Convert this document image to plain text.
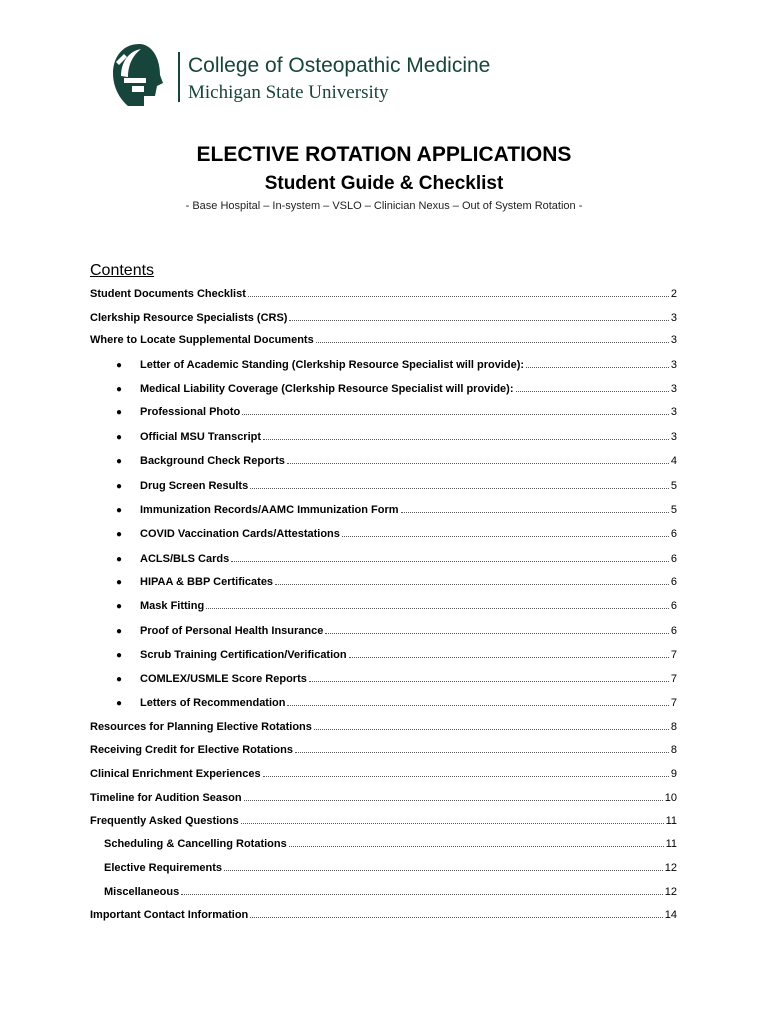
College of Osteopathic Medicine
Michigan State University
ELECTIVE ROTATION APPLICATIONS
Student Guide & Checklist
- Base Hospital – In-system – VSLO – Clinician Nexus – Out of System Rotation -
Contents
Student Documents Checklist	2
Clerkship Resource Specialists (CRS)	3
Where to Locate Supplemental Documents	3
●	Letter of Academic Standing (Clerkship Resource Specialist will provide):	3
●	Medical Liability Coverage (Clerkship Resource Specialist will provide):	3
●	Professional Photo	3
●	Official MSU Transcript	3
●	Background Check Reports	4
●	Drug Screen Results	5
●	Immunization Records/AAMC Immunization Form	5
●	COVID Vaccination Cards/Attestations	6
●	ACLS/BLS Cards	6
●	HIPAA & BBP Certificates	6
●	Mask Fitting	6
●	Proof of Personal Health Insurance	6
●	Scrub Training Certification/Verification	7
●	COMLEX/USMLE Score Reports	7
●	Letters of Recommendation	7
Resources for Planning Elective Rotations	8
Receiving Credit for Elective Rotations	8
Clinical Enrichment Experiences	9
Timeline for Audition Season	10
Frequently Asked Questions	11
Scheduling & Cancelling Rotations	11
Elective Requirements	12
Miscellaneous	12
Important Contact Information	14
